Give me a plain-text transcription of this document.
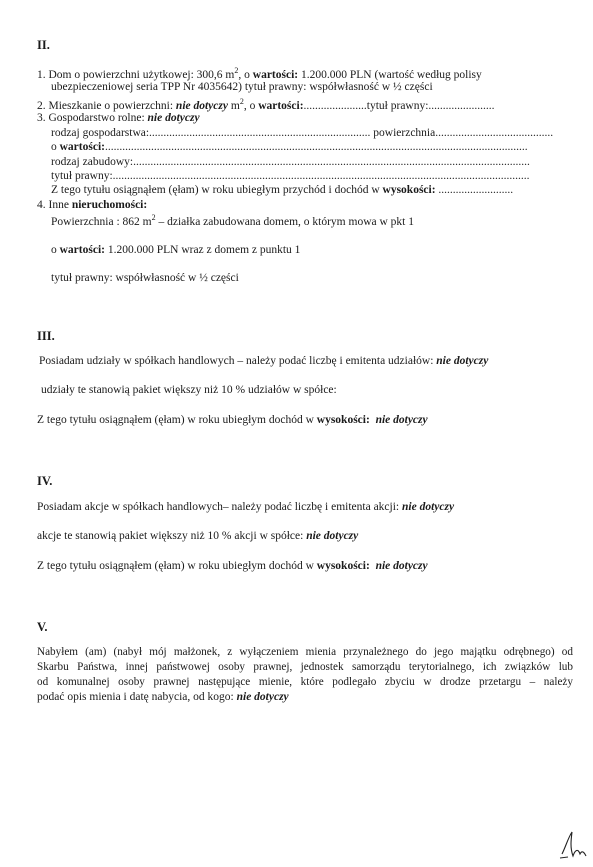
II.
1. Dom o powierzchni użytkowej: 300,6 $m^2$, o wartości: 1.200.000 PLN (wartość według polisy
ubezpieczeniowej seria TPP Nr 4035642) tytuł prawny: współwłasność w ½ części
2. Mieszkanie o powierzchni: nie dotyczy $m^2$, o wartości:......................tytuł prawny:.......................
3. Gospodarstwo rolne: nie dotyczy
rodzaj gospodarstwa:............................................................................. powierzchnia.........................................
o wartości:...................................................................................................................................................
rodzaj zabudowy:..........................................................................................................................................
tytuł prawny:.................................................................................................................................................
Z tego tytułu osiągnąłem (ęłam) w roku ubiegłym przychód i dochód w wysokości: ..........................
4. Inne nieruchomości:
Powierzchnia : 862 $m^2$ – działka zabudowana domem, o którym mowa w pkt 1
o wartości: 1.200.000 PLN wraz z domem z punktu 1
tytuł prawny: współwłasność w ½ części
III.
Posiadam udziały w spółkach handlowych – należy podać liczbę i emitenta udziałów: nie dotyczy
udziały te stanowią pakiet większy niż 10 % udziałów w spółce:
Z tego tytułu osiągnąłem (ęłam) w roku ubiegłym dochód w wysokości: nie dotyczy
IV.
Posiadam akcje w spółkach handlowych– należy podać liczbę i emitenta akcji: nie dotyczy
akcje te stanowią pakiet większy niż 10 % akcji w spółce: nie dotyczy
Z tego tytułu osiągnąłem (ęłam) w roku ubiegłym dochód w wysokości: nie dotyczy
V.
Nabyłem (am) (nabył mój małżonek, z wyłączeniem mienia przynależnego do jego majątku odrębnego) od
Skarbu Państwa, innej państwowej osoby prawnej, jednostek samorządu terytorialnego, ich związków lub
od komunalnej osoby prawnej następujące mienie, które podlegało zbyciu w drodze przetargu – należy
podać opis mienia i datę nabycia, od kogo: nie dotyczy
